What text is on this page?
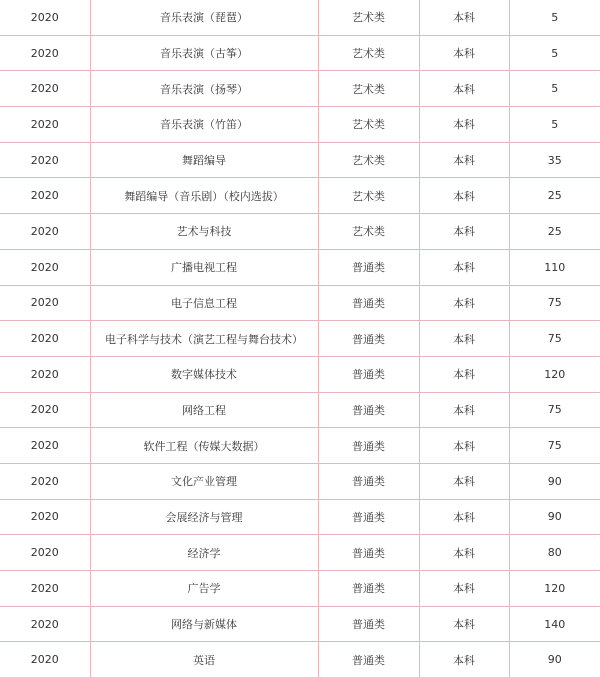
2020	音乐表演（琵琶）	艺术类	本科	5
2020	音乐表演（古筝）	艺术类	本科	5
2020	音乐表演（扬琴）	艺术类	本科	5
2020	音乐表演（竹笛）	艺术类	本科	5
2020	舞蹈编导	艺术类	本科	35
2020	舞蹈编导（音乐剧）（校内选拔）	艺术类	本科	25
2020	艺术与科技	艺术类	本科	25
2020	广播电视工程	普通类	本科	110
2020	电子信息工程	普通类	本科	75
2020	电子科学与技术（演艺工程与舞台技术）	普通类	本科	75
2020	数字媒体技术	普通类	本科	120
2020	网络工程	普通类	本科	75
2020	软件工程（传媒大数据）	普通类	本科	75
2020	文化产业管理	普通类	本科	90
2020	会展经济与管理	普通类	本科	90
2020	经济学	普通类	本科	80
2020	广告学	普通类	本科	120
2020	网络与新媒体	普通类	本科	140
2020	英语	普通类	本科	90
